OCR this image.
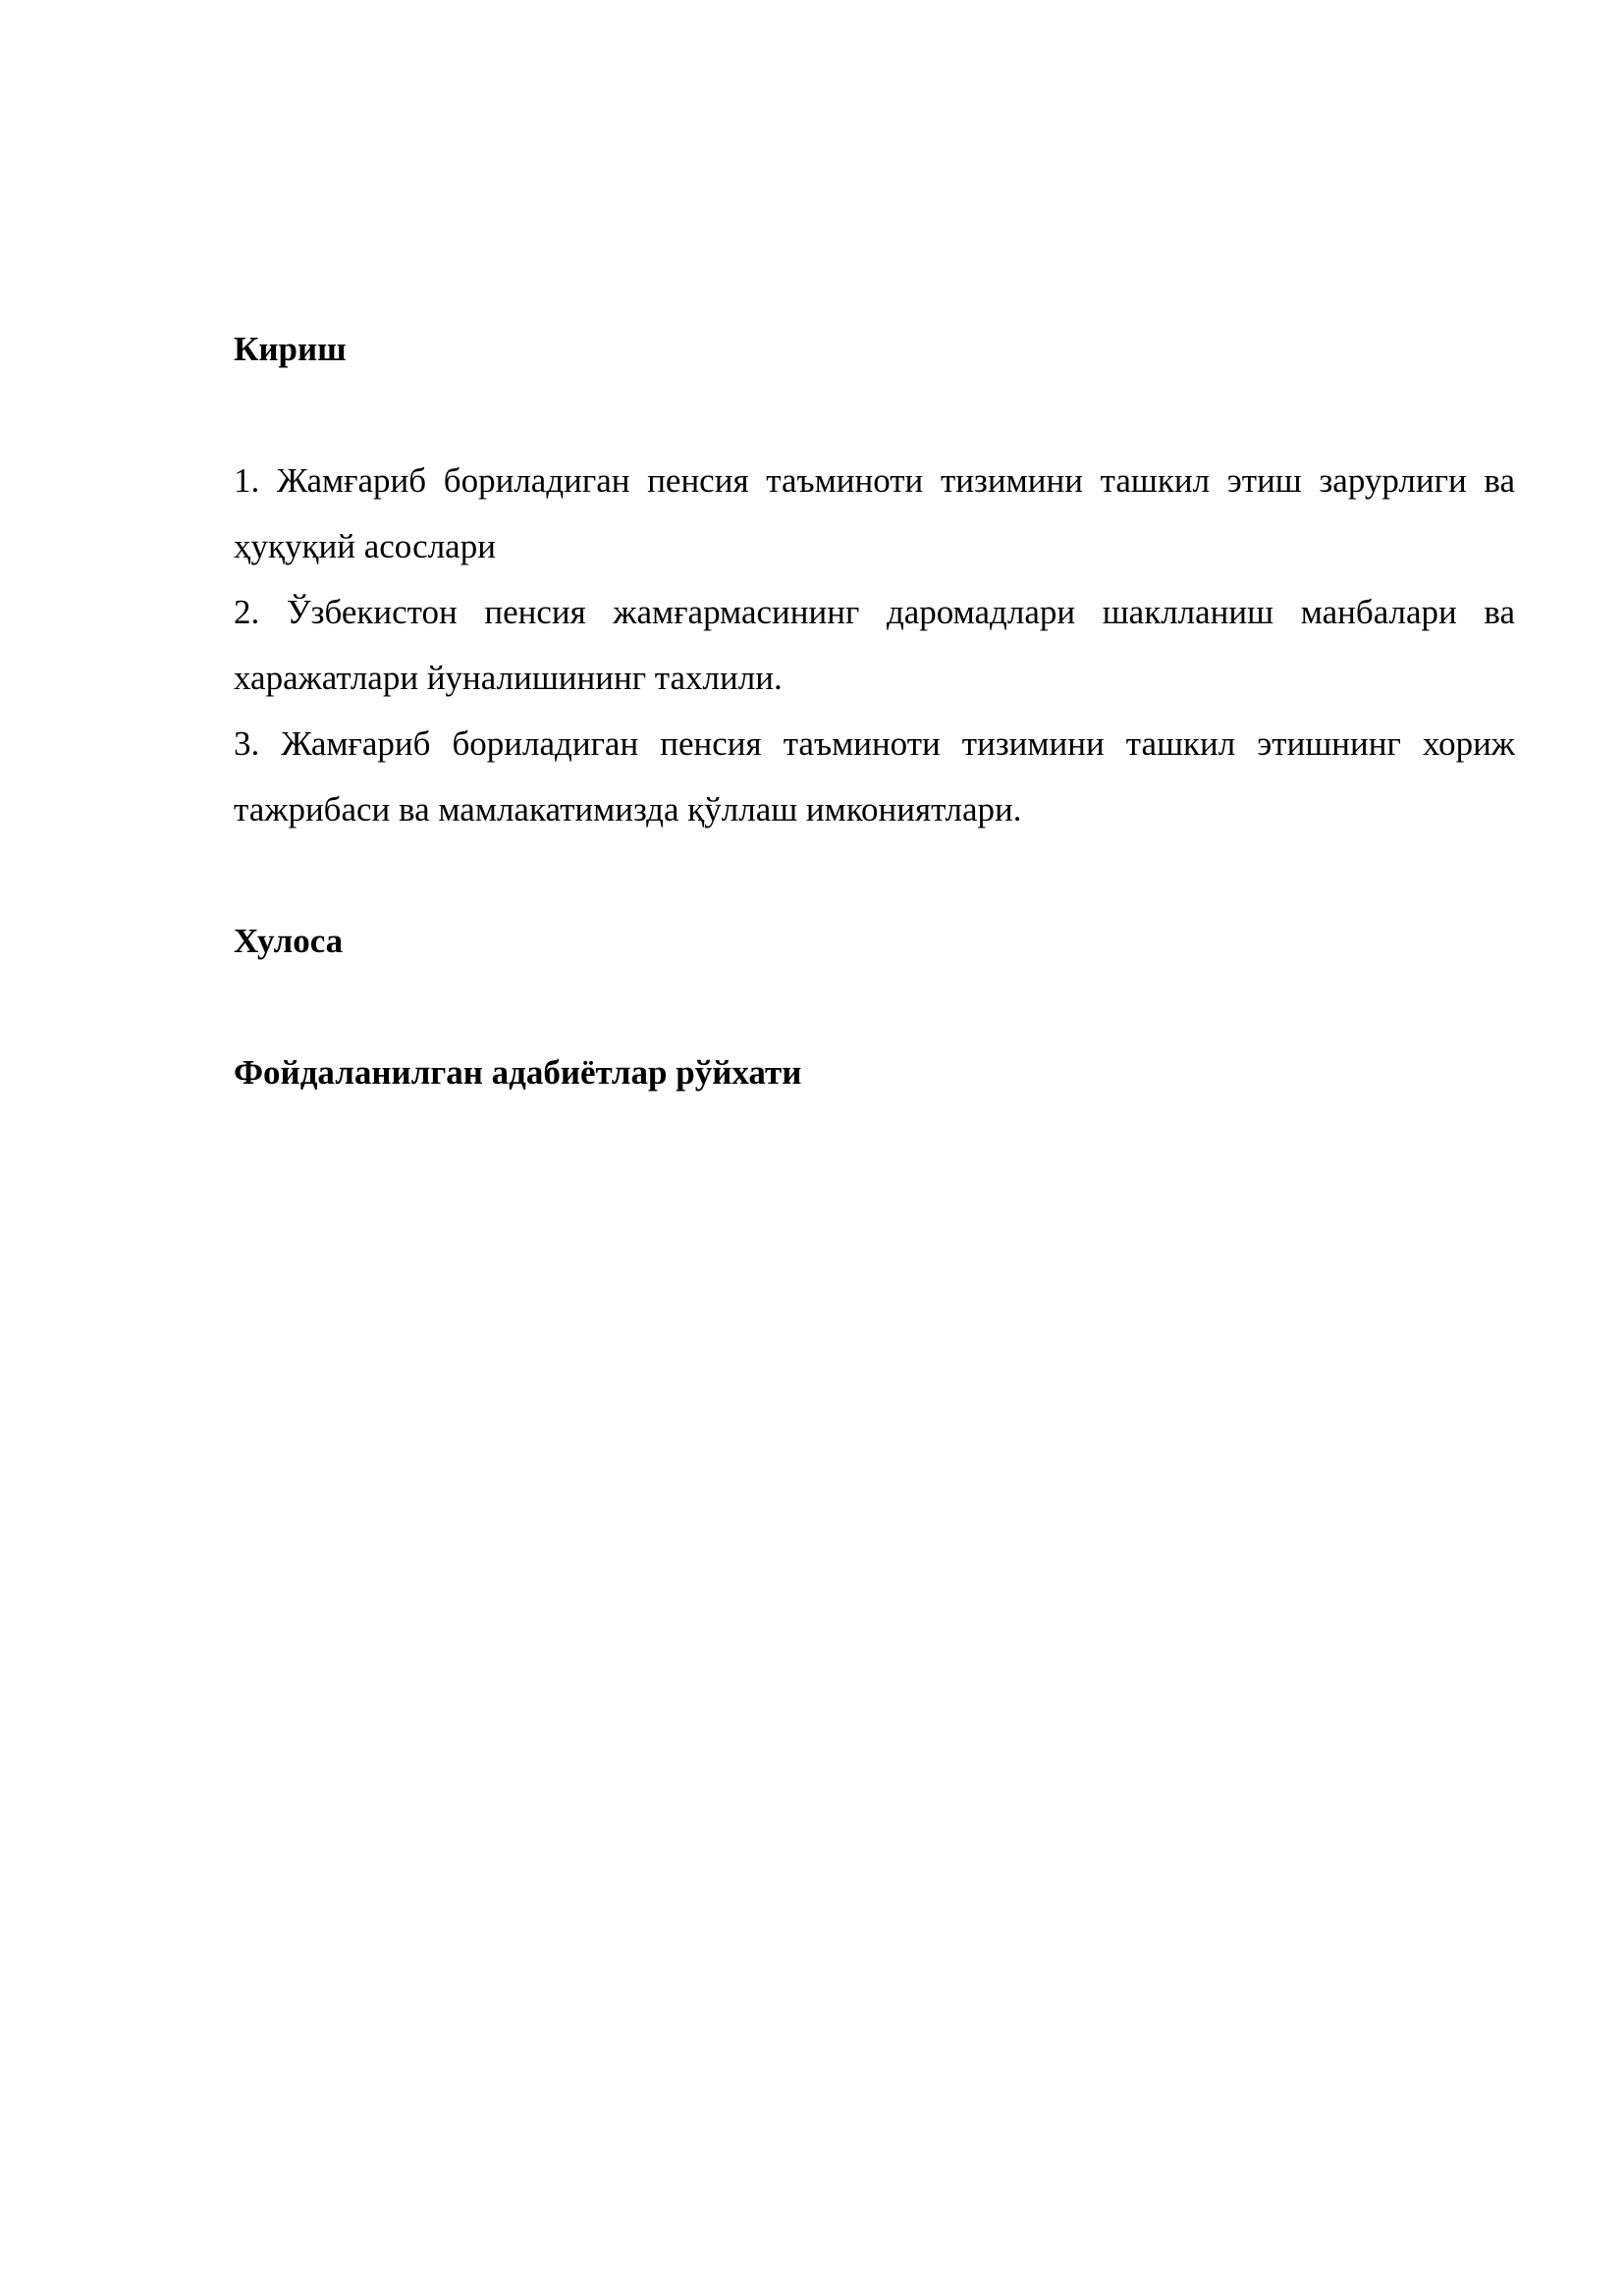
Кириш

1. Жамғариб бориладиган пенсия таъминоти тизимини ташкил этиш зарурлиги ва ҳуқуқий асослари

2. Ўзбекистон пенсия жамғармасининг даромадлари шаклланиш манбалари ва харажатлари йуналишининг тахлили.

3. Жамғариб бориладиган пенсия таъминоти тизимини ташкил этишнинг хориж тажрибаси ва мамлакатимизда қўллаш имкониятлари.

Хулоса

Фойдаланилган адабиётлар рўйхати
